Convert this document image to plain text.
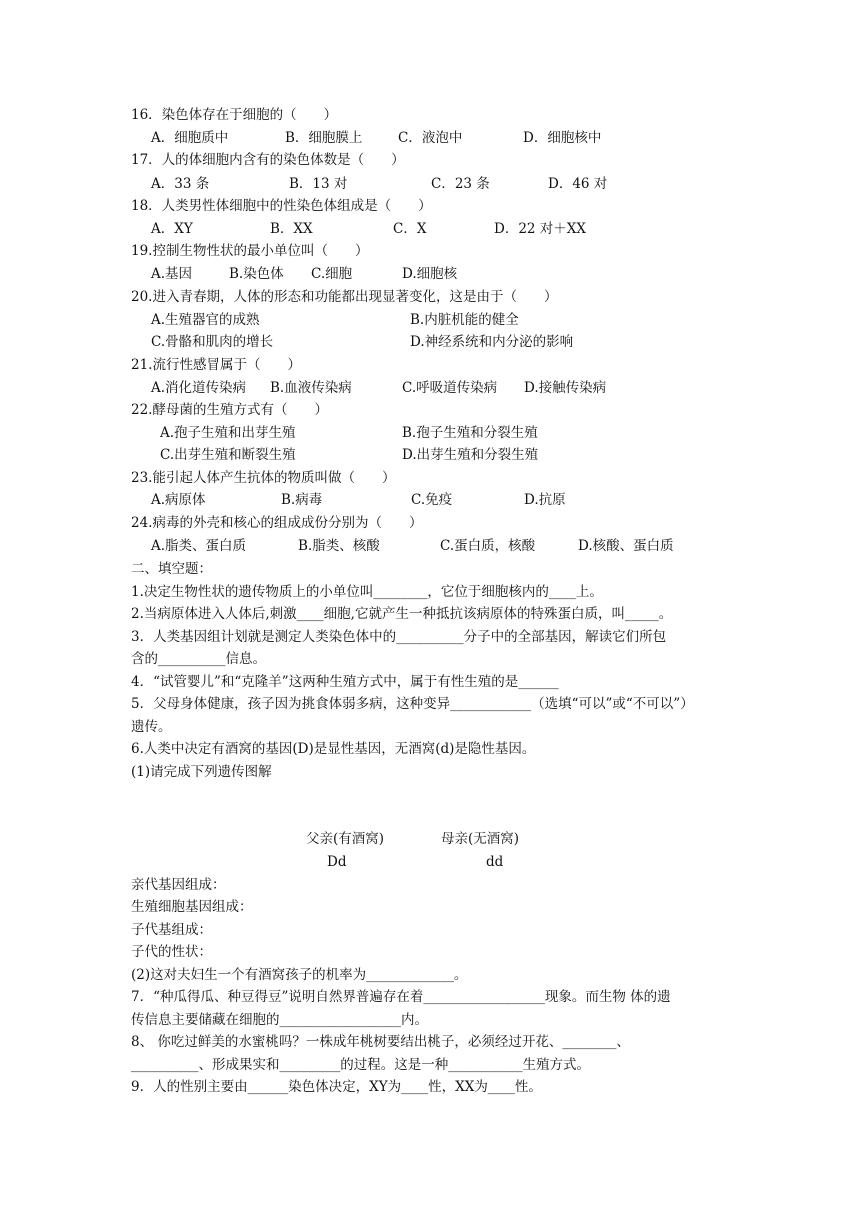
16．染色体存在于细胞的（　　）
A．细胞质中	B．细胞膜上	C．液泡中	D．细胞核中
17．人的体细胞内含有的染色体数是（　　）
A．33 条	B．13 对	C．23 条	D．46 对
18．人类男性体细胞中的性染色体组成是（　　）
A．XY	B．XX	C．X	D．22 对＋XX
19.控制生物性状的最小单位叫（　　）
A.基因	B.染色体 C.细胞	D.细胞核
20.进入青春期，人体的形态和功能都出现显著变化，这是由于（　　）
A.生殖器官的成熟	B.内脏机能的健全
C.骨骼和肌肉的增长	D.神经系统和内分泌的影响
21.流行性感冒属于（　　）
A.消化道传染病 B.血液传染病	C.呼吸道传染病 D.接触传染病
22.酵母菌的生殖方式有（　　）
A.孢子生殖和出芽生殖	B.孢子生殖和分裂生殖
C.出芽生殖和断裂生殖	D.出芽生殖和分裂生殖
23.能引起人体产生抗体的物质叫做（　　）
A.病原体	B.病毒	C.免疫	D.抗原
24.病毒的外壳和核心的组成成份分别为（　　）
A.脂类、蛋白质	B.脂类、核酸	C.蛋白质，核酸	D.核酸、蛋白质
二、填空题：
1.决定生物性状的遗传物质上的小单位叫________，它位于细胞核内的____上。
2.当病原体进入人体后,刺激____细胞,它就产生一种抵抗该病原体的特殊蛋白质，叫_____。
3．人类基因组计划就是测定人类染色体中的__________分子中的全部基因，解读它们所包
含的__________信息。
4．“试管婴儿”和“克隆羊”这两种生殖方式中，属于有性生殖的是______
5．父母身体健康，孩子因为挑食体弱多病，这种变异____________（选填“可以”或“不可以”）
遗传。
6.人类中决定有酒窝的基因(D)是显性基因，无酒窝(d)是隐性基因。
(1)请完成下列遗传图解
父亲(有酒窝)	母亲(无酒窝)
Dd	dd
亲代基因组成：
生殖细胞基因组成：
子代基组成：
子代的性状：
(2)这对夫妇生一个有酒窝孩子的机率为_____________。
7．“种瓜得瓜、种豆得豆”说明自然界普遍存在着__________________现象。而生物 体的遗
传信息主要储藏在细胞的__________________内。
8、 你吃过鲜美的水蜜桃吗？一株成年桃树要结出桃子，必须经过开花、________、
__________、形成果实和_________的过程。这是一种___________生殖方式。
9．人的性别主要由______染色体决定，XY为____性，XX为____性。
